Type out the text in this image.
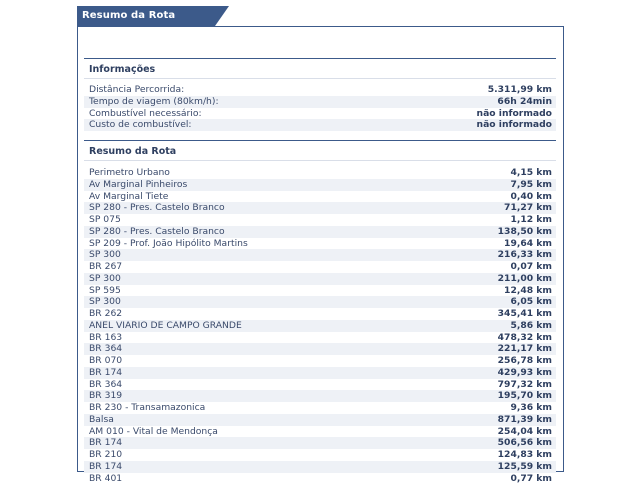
Resumo da Rota
Informações
Distância Percorrida:	5.311,99 km
Tempo de viagem (80km/h):	66h 24min
Combustível necessário:	não informado
Custo de combustível:	não informado
Resumo da Rota
Perimetro Urbano	4,15 km
Av Marginal Pinheiros	7,95 km
Av Marginal Tiete	0,40 km
SP 280 - Pres. Castelo Branco	71,27 km
SP 075	1,12 km
SP 280 - Pres. Castelo Branco	138,50 km
SP 209 - Prof. João Hipólito Martins	19,64 km
SP 300	216,33 km
BR 267	0,07 km
SP 300	211,00 km
SP 595	12,48 km
SP 300	6,05 km
BR 262	345,41 km
ANEL VIARIO DE CAMPO GRANDE	5,86 km
BR 163	478,32 km
BR 364	221,17 km
BR 070	256,78 km
BR 174	429,93 km
BR 364	797,32 km
BR 319	195,70 km
BR 230 - Transamazonica	9,36 km
Balsa	871,39 km
AM 010 - Vital de Mendonça	254,04 km
BR 174	506,56 km
BR 210	124,83 km
BR 174	125,59 km
BR 401	0,77 km
